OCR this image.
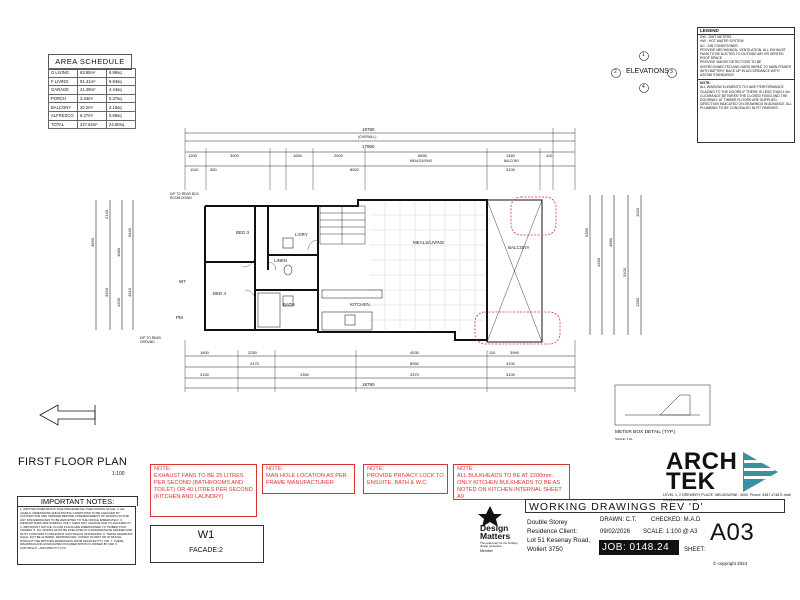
AREA SCHEDULE
G LIVING	63.95m²	6.99sq
F LIVING	91.41m²	9.84sq
GARAGE	41.29m²	4.44sq
PORCH	3.44m²	0.37sq
BALCONY	20.2m²	2.18sq
ALFRESCO	6.27m²	0.68sq
TOTAL	227.62m²	24.50sq
LEGEND
DW - DWT METERS
HW - HOT WATER SYSTEM
AC - AIR CONDITIONER
PROVIDE MECHANICAL VENTILATION. ALL EXHAUST FANS TO BE DUCTED TO OUTSIDE AIR OR VENTED ROOF SPACE
PROVIDE SMOKE DETECTORS TO BE INTERCONNECTED AND HARD WIRED TO MAIN POWER WITH BATTERY BACK UP IN ACCORDANCE WITH AS3786 STANDARDS
NOTE:
ALL WINDOW ELEMENTS TO HAVE PERFORMANCE GLAZING TO THE DOORS IF THERE IS LESS THAN 1.0m CLEARANCE BETWEEN THE CLOSED FIXED AND THE DOORWAY. AT TIMBER FLOORS ARE SUPPLIED, DIRECTION INDICATED ON DRAWINGS IN ADVANCE. ALL PLUMBING TO BE CONCEALED IN FIT FINISHES.
ELEVATIONS
1
2	3
4
18790
(OVERALL)
17950
1200	3000	1650	2500	6890	1460	110
MEALS/LIVING	BALCONY
1110	350	8920	3100
1600	2250	4530	110	3990
2470	8950	3100
3150	1350	3370	3100
18790
4560
2140
3150
1080
1200
6440
4310
5380
1280
4980
3100
1040
1280
BED 3
BED 4
BATH
LINEN
L'DRY
KITCHEN
MEALS/LIVING
BALCONY
D/P TO REAR BOX ROOM DOWN
D/P TO REAR GROUND
W7
PM
METER BOX DETAIL (TYP.)
SCALE: 1:20
FIRST FLOOR PLAN
1:100
IMPORTANT NOTES:
1. WRITTEN DIMENSIONS TAKE PRECEDENCE OVER DRAWN SCALE. 2. ALL LEVELS, DIMENSIONS AND EXISTING CONDITIONS TO BE CHECKED BY CONTRACTOR AND VERIFIED BEFORE COMMENCEMENT OF WORKS ON SITE. ANY DISCREPANCIES TO BE REPORTED TO THE OFFICE IMMEDIATELY. 3. WINDOW SIZES ARE NOMINAL ONLY. SIZES MAY CHANGE DUE TO AVAILABILITY. 4. IMPORTANT NOTICE: FLOOR PLANS ARE DIMENSIONED TO TIMBER STUD FRAMES. 5. ALL WORKS MUST BE EXECUTED IN A WORKMANLIKE MANNER AND MUST CONFORM TO RELEVANT AUSTRALIAN STANDARDS. 6. THESE DRAWINGS SHALL NOT BE ALTERED, REPRODUCED, COPIED IN PART OR IN WHOLE WITHOUT THE WRITTEN PERMISSION FROM ARCHTEK PTY LTD. 7. THESE DRAWINGS AND ASSOCIATED DOCUMENTATION IS OWNED BY AND © COPYRIGHT - ARCHTEK PTY LTD.
NOTE:
EXHAUST FANS TO BE 25 LITRES PER SECOND (BATHROOMS AND TOILET) OR 40 LITRES PER SECOND (KITCHEN AND LAUNDRY)
NOTE:
MAN HOLE LOCATION AS PER FRAME MANUFACTURER
NOTE:
PROVIDE PRIVACY LOCK TO ENSUITE, BATH & W.C.
NOTE:
ALL BULKHEADS TO BE AT 2200mm. ONLY KITCHEN BULKHEADS TO BE AS NOTED ON KITCHEN INTERNAL SHEET A9
W1
FACADE:2
Design Matters
The peak body for the building design profession
Member
WORKING DRAWINGS REV 'D'
Double Storey
Residence Client:
Lot 51 Kesenay Road,
Wollert 3750
DRAWN: C.T. CHECKED: M.A.D
09/02/2026 SCALE: 1:100 @ A3
JOB: 0148.24	SHEET:
A03
© copyright 2024
ARCH TEK
LEVEL 1, 2 DREWERY PLACE, MELBOURNE, 3000, Phone: 9487 4748 E-mail: info@archtek.com.au
